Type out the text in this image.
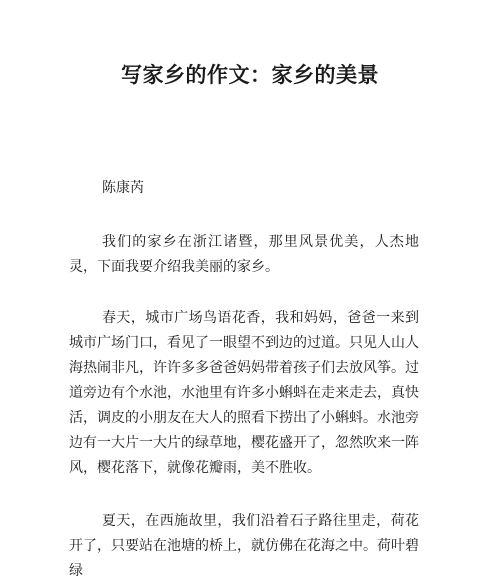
写家乡的作文：家乡的美景

陈康芮

我们的家乡在浙江诸暨，那里风景优美，人杰地灵，下面我要介绍我美丽的家乡。

春天，城市广场鸟语花香，我和妈妈，爸爸一来到城市广场门口，看见了一眼望不到边的过道。只见人山人海热闹非凡，许许多多爸爸妈妈带着孩子们去放风筝。过道旁边有个水池，水池里有许多小蝌蚪在走来走去，真快活，调皮的小朋友在大人的照看下捞出了小蝌蚪。水池旁边有一大片一大片的绿草地，樱花盛开了，忽然吹来一阵风，樱花落下，就像花瓣雨，美不胜收。

夏天，在西施故里，我们沿着石子路往里走，荷花开了，只要站在池塘的桥上，就仿佛在花海之中。荷叶碧绿
